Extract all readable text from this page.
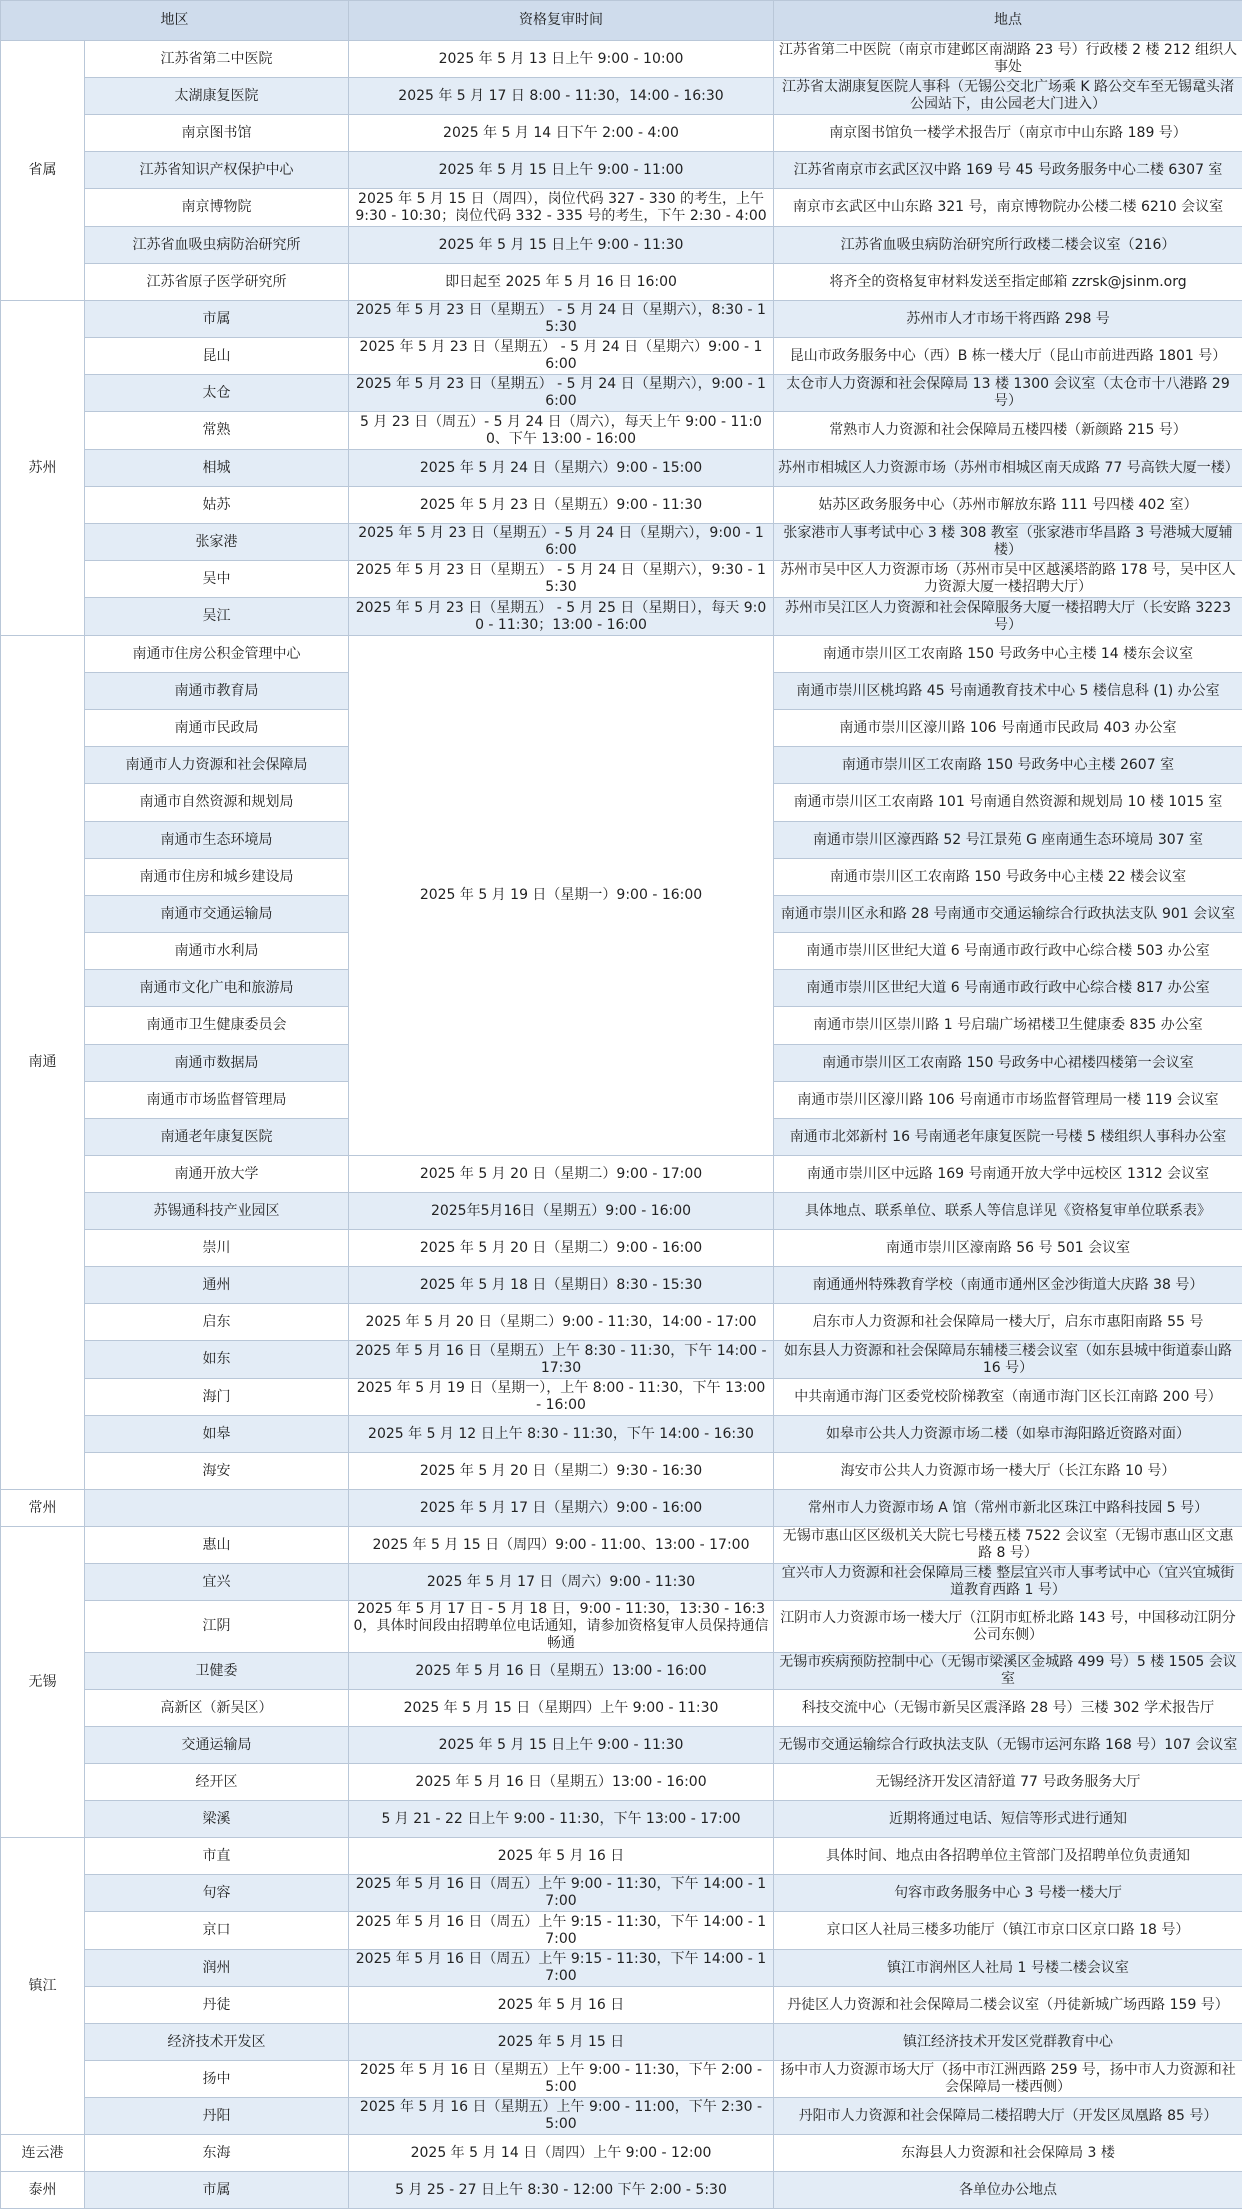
地区		资格复审时间	地点
省属	江苏省第二中医院	2025 年 5 月 13 日上午 9:00 - 10:00	江苏省第二中医院（南京市建邺区南湖路 23 号）行政楼 2 楼 212 组织人事处
	太湖康复医院	2025 年 5 月 17 日 8:00 - 11:30，14:00 - 16:30	江苏省太湖康复医院人事科（无锡公交北广场乘 K 路公交车至无锡鼋头渚公园站下，由公园老大门进入）
	南京图书馆	2025 年 5 月 14 日下午 2:00 - 4:00	南京图书馆负一楼学术报告厅（南京市中山东路 189 号）
	江苏省知识产权保护中心	2025 年 5 月 15 日上午 9:00 - 11:00	江苏省南京市玄武区汉中路 169 号 45 号政务服务中心二楼 6307 室
	南京博物院	2025 年 5 月 15 日（周四），岗位代码 327 - 330 的考生，上午 9:30 - 10:30；岗位代码 332 - 335 号的考生，下午 2:30 - 4:00	南京市玄武区中山东路 321 号，南京博物院办公楼二楼 6210 会议室
	江苏省血吸虫病防治研究所	2025 年 5 月 15 日上午 9:00 - 11:30	江苏省血吸虫病防治研究所行政楼二楼会议室（216）
	江苏省原子医学研究所	即日起至 2025 年 5 月 16 日 16:00	将齐全的资格复审材料发送至指定邮箱 zzrsk@jsinm.org
苏州	市属	2025 年 5 月 23 日（星期五） - 5 月 24 日（星期六），8:30 - 15:30	苏州市人才市场干将西路 298 号
	昆山	2025 年 5 月 23 日（星期五） - 5 月 24 日（星期六）9:00 - 16:00	昆山市政务服务中心（西）B 栋一楼大厅（昆山市前进西路 1801 号）
	太仓	2025 年 5 月 23 日（星期五） - 5 月 24 日（星期六），9:00 - 16:00	太仓市人力资源和社会保障局 13 楼 1300 会议室（太仓市十八港路 29 号）
	常熟	5 月 23 日（周五）- 5 月 24 日（周六），每天上午 9:00 - 11:00、下午 13:00 - 16:00	常熟市人力资源和社会保障局五楼四楼（新颜路 215 号）
	相城	2025 年 5 月 24 日（星期六）9:00 - 15:00	苏州市相城区人力资源市场（苏州市相城区南天成路 77 号高铁大厦一楼）
	姑苏	2025 年 5 月 23 日（星期五）9:00 - 11:30	姑苏区政务服务中心（苏州市解放东路 111 号四楼 402 室）
	张家港	2025 年 5 月 23 日（星期五）- 5 月 24 日（星期六），9:00 - 16:00	张家港市人事考试中心 3 楼 308 教室（张家港市华昌路 3 号港城大厦辅楼）
	吴中	2025 年 5 月 23 日（星期五） - 5 月 24 日（星期六），9:30 - 15:30	苏州市吴中区人力资源市场（苏州市吴中区越溪塔韵路 178 号，吴中区人力资源大厦一楼招聘大厅）
	吴江	2025 年 5 月 23 日（星期五） - 5 月 25 日（星期日），每天 9:00 - 11:30；13:00 - 16:00	苏州市吴江区人力资源和社会保障服务大厦一楼招聘大厅（长安路 3223 号）
南通	南通市住房公积金管理中心	2025 年 5 月 19 日（星期一）9:00 - 16:00	南通市崇川区工农南路 150 号政务中心主楼 14 楼东会议室
	南通市教育局		南通市崇川区桃坞路 45 号南通教育技术中心 5 楼信息科 (1) 办公室
	南通市民政局		南通市崇川区濠川路 106 号南通市民政局 403 办公室
	南通市人力资源和社会保障局		南通市崇川区工农南路 150 号政务中心主楼 2607 室
	南通市自然资源和规划局		南通市崇川区工农南路 101 号南通自然资源和规划局 10 楼 1015 室
	南通市生态环境局		南通市崇川区濠西路 52 号江景苑 G 座南通生态环境局 307 室
	南通市住房和城乡建设局		南通市崇川区工农南路 150 号政务中心主楼 22 楼会议室
	南通市交通运输局		南通市崇川区永和路 28 号南通市交通运输综合行政执法支队 901 会议室
	南通市水利局		南通市崇川区世纪大道 6 号南通市政行政中心综合楼 503 办公室
	南通市文化广电和旅游局		南通市崇川区世纪大道 6 号南通市政行政中心综合楼 817 办公室
	南通市卫生健康委员会		南通市崇川区崇川路 1 号启瑞广场裙楼卫生健康委 835 办公室
	南通市数据局		南通市崇川区工农南路 150 号政务中心裙楼四楼第一会议室
	南通市市场监督管理局		南通市崇川区濠川路 106 号南通市市场监督管理局一楼 119 会议室
	南通老年康复医院		南通市北郊新村 16 号南通老年康复医院一号楼 5 楼组织人事科办公室
	南通开放大学	2025 年 5 月 20 日（星期二）9:00 - 17:00	南通市崇川区中远路 169 号南通开放大学中远校区 1312 会议室
	苏锡通科技产业园区	2025年5月16日（星期五）9:00 - 16:00	具体地点、联系单位、联系人等信息详见《资格复审单位联系表》
	崇川	2025 年 5 月 20 日（星期二）9:00 - 16:00	南通市崇川区濠南路 56 号 501 会议室
	通州	2025 年 5 月 18 日（星期日）8:30 - 15:30	南通通州特殊教育学校（南通市通州区金沙街道大庆路 38 号）
	启东	2025 年 5 月 20 日（星期二）9:00 - 11:30，14:00 - 17:00	启东市人力资源和社会保障局一楼大厅，启东市惠阳南路 55 号
	如东	2025 年 5 月 16 日（星期五）上午 8:30 - 11:30，下午 14:00 - 17:30	如东县人力资源和社会保障局东辅楼三楼会议室（如东县城中街道泰山路 16 号）
	海门	2025 年 5 月 19 日（星期一），上午 8:00 - 11:30，下午 13:00 - 16:00	中共南通市海门区委党校阶梯教室（南通市海门区长江南路 200 号）
	如皋	2025 年 5 月 12 日上午 8:30 - 11:30，下午 14:00 - 16:30	如皋市公共人力资源市场二楼（如皋市海阳路近资路对面）
	海安	2025 年 5 月 20 日（星期二）9:30 - 16:30	海安市公共人力资源市场一楼大厅（长江东路 10 号）
常州		2025 年 5 月 17 日（星期六）9:00 - 16:00	常州市人力资源市场 A 馆（常州市新北区珠江中路科技园 5 号）
无锡	惠山	2025 年 5 月 15 日（周四）9:00 - 11:00、13:00 - 17:00	无锡市惠山区区级机关大院七号楼五楼 7522 会议室（无锡市惠山区文惠路 8 号）
	宜兴	2025 年 5 月 17 日（周六）9:00 - 11:30	宜兴市人力资源和社会保障局三楼 整层宜兴市人事考试中心（宜兴宜城街道教育西路 1 号）
	江阴	2025 年 5 月 17 日 - 5 月 18 日，9:00 - 11:30，13:30 - 16:30，具体时间段由招聘单位电话通知，请参加资格复审人员保持通信畅通	江阴市人力资源市场一楼大厅（江阴市虹桥北路 143 号，中国移动江阴分公司东侧）
	卫健委	2025 年 5 月 16 日（星期五）13:00 - 16:00	无锡市疾病预防控制中心（无锡市梁溪区金城路 499 号）5 楼 1505 会议室
	高新区（新吴区）	2025 年 5 月 15 日（星期四）上午 9:00 - 11:30	科技交流中心（无锡市新吴区震泽路 28 号）三楼 302 学术报告厅
	交通运输局	2025 年 5 月 15 日上午 9:00 - 11:30	无锡市交通运输综合行政执法支队（无锡市运河东路 168 号）107 会议室
	经开区	2025 年 5 月 16 日（星期五）13:00 - 16:00	无锡经济开发区清舒道 77 号政务服务大厅
	梁溪	5 月 21 - 22 日上午 9:00 - 11:30，下午 13:00 - 17:00	近期将通过电话、短信等形式进行通知
镇江	市直	2025 年 5 月 16 日	具体时间、地点由各招聘单位主管部门及招聘单位负责通知
	句容	2025 年 5 月 16 日（周五）上午 9:00 - 11:30，下午 14:00 - 17:00	句容市政务服务中心 3 号楼一楼大厅
	京口	2025 年 5 月 16 日（周五）上午 9:15 - 11:30，下午 14:00 - 17:00	京口区人社局三楼多功能厅（镇江市京口区京口路 18 号）
	润州	2025 年 5 月 16 日（周五）上午 9:15 - 11:30，下午 14:00 - 17:00	镇江市润州区人社局 1 号楼二楼会议室
	丹徒	2025 年 5 月 16 日	丹徒区人力资源和社会保障局二楼会议室（丹徒新城广场西路 159 号）
	经济技术开发区	2025 年 5 月 15 日	镇江经济技术开发区党群教育中心
	扬中	2025 年 5 月 16 日（星期五）上午 9:00 - 11:30，下午 2:00 - 5:00	扬中市人力资源市场大厅（扬中市江洲西路 259 号，扬中市人力资源和社会保障局一楼西侧）
	丹阳	2025 年 5 月 16 日（星期五）上午 9:00 - 11:00，下午 2:30 - 5:00	丹阳市人力资源和社会保障局二楼招聘大厅（开发区凤凰路 85 号）
连云港	东海	2025 年 5 月 14 日（周四）上午 9:00 - 12:00	东海县人力资源和社会保障局 3 楼
泰州	市属	5 月 25 - 27 日上午 8:30 - 12:00 下午 2:00 - 5:30	各单位办公地点
